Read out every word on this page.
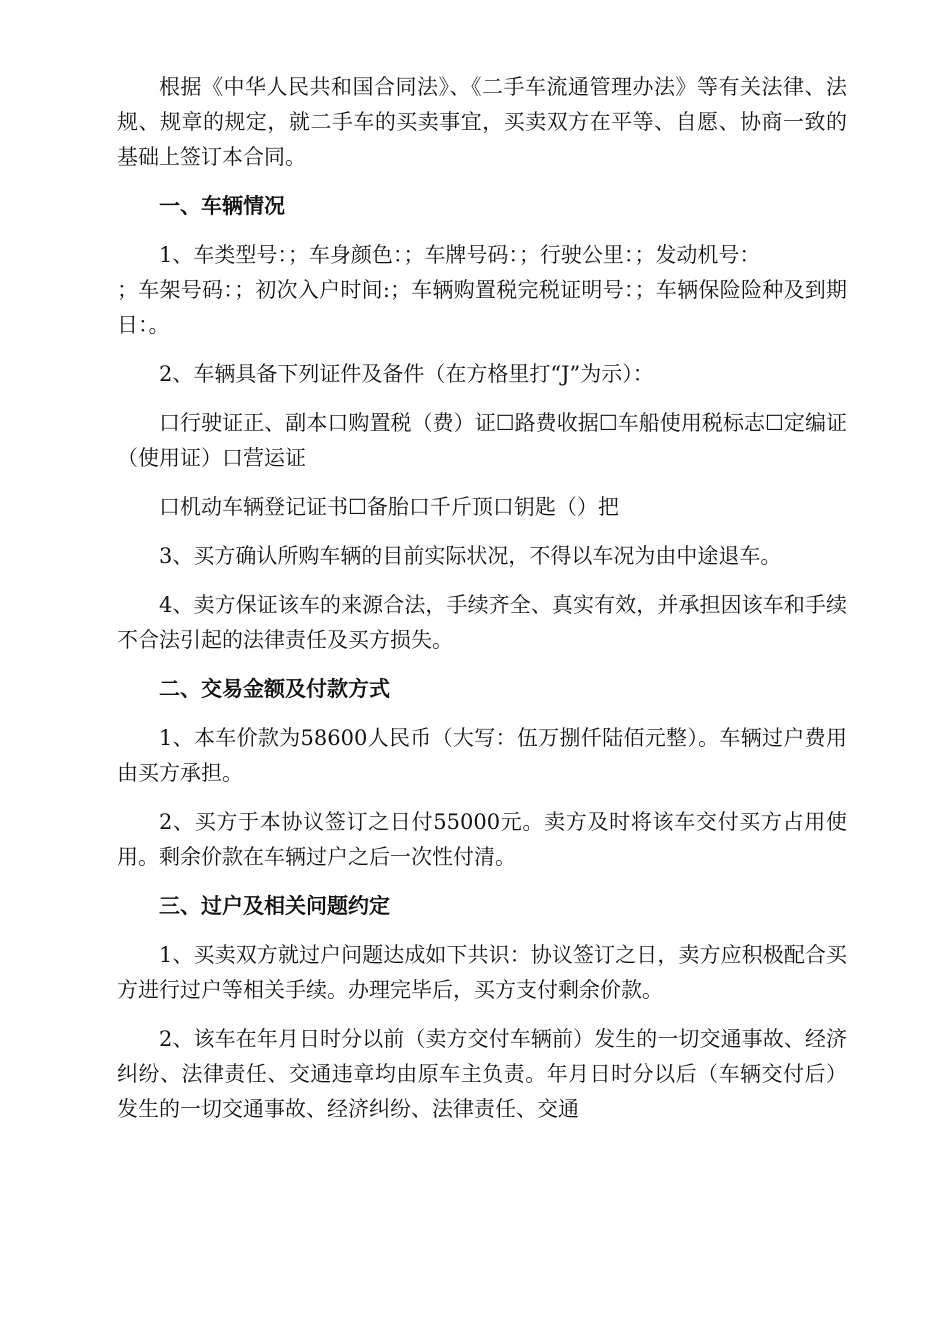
根据《中华人民共和国合同法》、《二手车流通管理办法》等有关法律、法规、规章的规定，就二手车的买卖事宜，买卖双方在平等、自愿、协商一致的基础上签订本合同。

一、车辆情况

1、车类型号：；车身颜色：；车牌号码：；行驶公里：；发动机号：

；车架号码：；初次入户时间:；车辆购置税完税证明号：；车辆保险险种及到期日：。

2、车辆具备下列证件及备件（在方格里打“J”为示）：

口行驶证正、副本口购置税（费）证☐路费收据☐车船使用税标志☐定编证（使用证）口营运证

口机动车辆登记证书☐备胎口千斤顶口钥匙（）把

3、买方确认所购车辆的目前实际状况，不得以车况为由中途退车。

4、卖方保证该车的来源合法，手续齐全、真实有效，并承担因该车和手续不合法引起的法律责任及买方损失。

二、交易金额及付款方式

1、本车价款为58600人民币（大写：伍万捌仟陆佰元整）。车辆过户费用由买方承担。

2、买方于本协议签订之日付55000元。卖方及时将该车交付买方占用使用。剩余价款在车辆过户之后一次性付清。

三、过户及相关问题约定

1、买卖双方就过户问题达成如下共识：协议签订之日，卖方应积极配合买方进行过户等相关手续。办理完毕后，买方支付剩余价款。

2、该车在年月日时分以前（卖方交付车辆前）发生的一切交通事故、经济纠纷、法律责任、交通违章均由原车主负责。年月日时分以后（车辆交付后）发生的一切交通事故、经济纠纷、法律责任、交通
